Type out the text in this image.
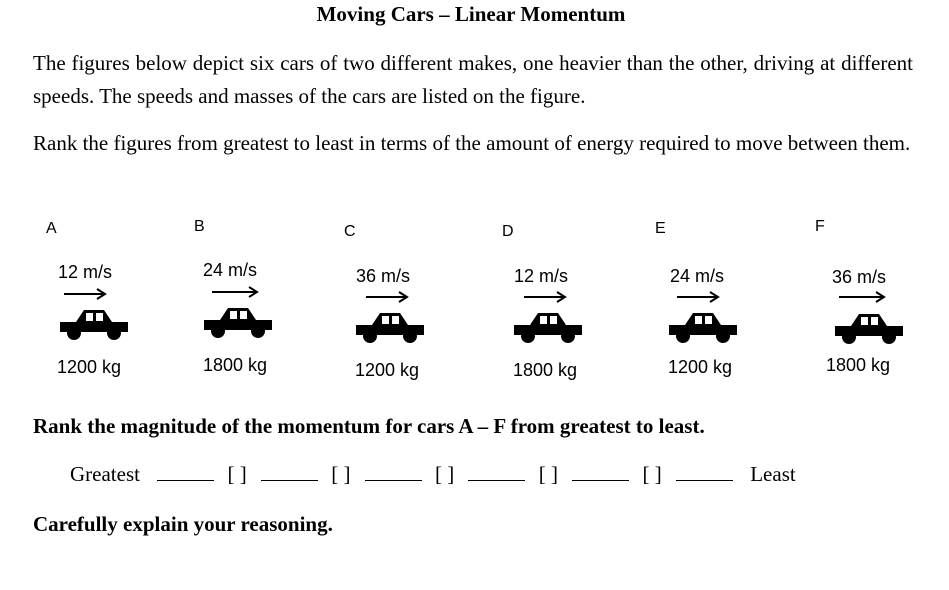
Moving Cars – Linear Momentum
The figures below depict six cars of two different makes, one heavier than the other, driving at different speeds. The speeds and masses of the cars are listed on the figure.
Rank the figures from greatest to least in terms of the amount of energy required to move between them.
A
12 m/s
1200 kg
B
24 m/s
1800 kg
C
36 m/s
1200 kg
D
12 m/s
1800 kg
E
24 m/s
1200 kg
F
36 m/s
1800 kg
Rank the magnitude of the momentum for cars A – F from greatest to least.
Greatest	[ ]	[ ]	[ ]	[ ]	[ ]	Least
Carefully explain your reasoning.
